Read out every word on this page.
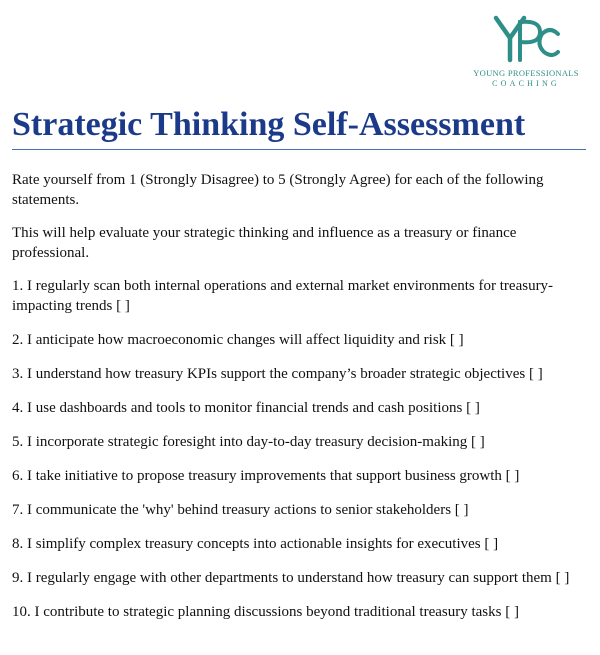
YOUNG PROFESSIONALS
COACHING
Strategic Thinking Self-Assessment

Rate yourself from 1 (Strongly Disagree) to 5 (Strongly Agree) for each of the following statements.

This will help evaluate your strategic thinking and influence as a treasury or finance professional.

1. I regularly scan both internal operations and external market environments for treasury-impacting trends [ ]

2. I anticipate how macroeconomic changes will affect liquidity and risk [ ]

3. I understand how treasury KPIs support the company’s broader strategic objectives [ ]

4. I use dashboards and tools to monitor financial trends and cash positions [ ]

5. I incorporate strategic foresight into day-to-day treasury decision-making [ ]

6. I take initiative to propose treasury improvements that support business growth [ ]

7. I communicate the 'why' behind treasury actions to senior stakeholders [ ]

8. I simplify complex treasury concepts into actionable insights for executives [ ]

9. I regularly engage with other departments to understand how treasury can support them [ ]

10. I contribute to strategic planning discussions beyond traditional treasury tasks [ ]
